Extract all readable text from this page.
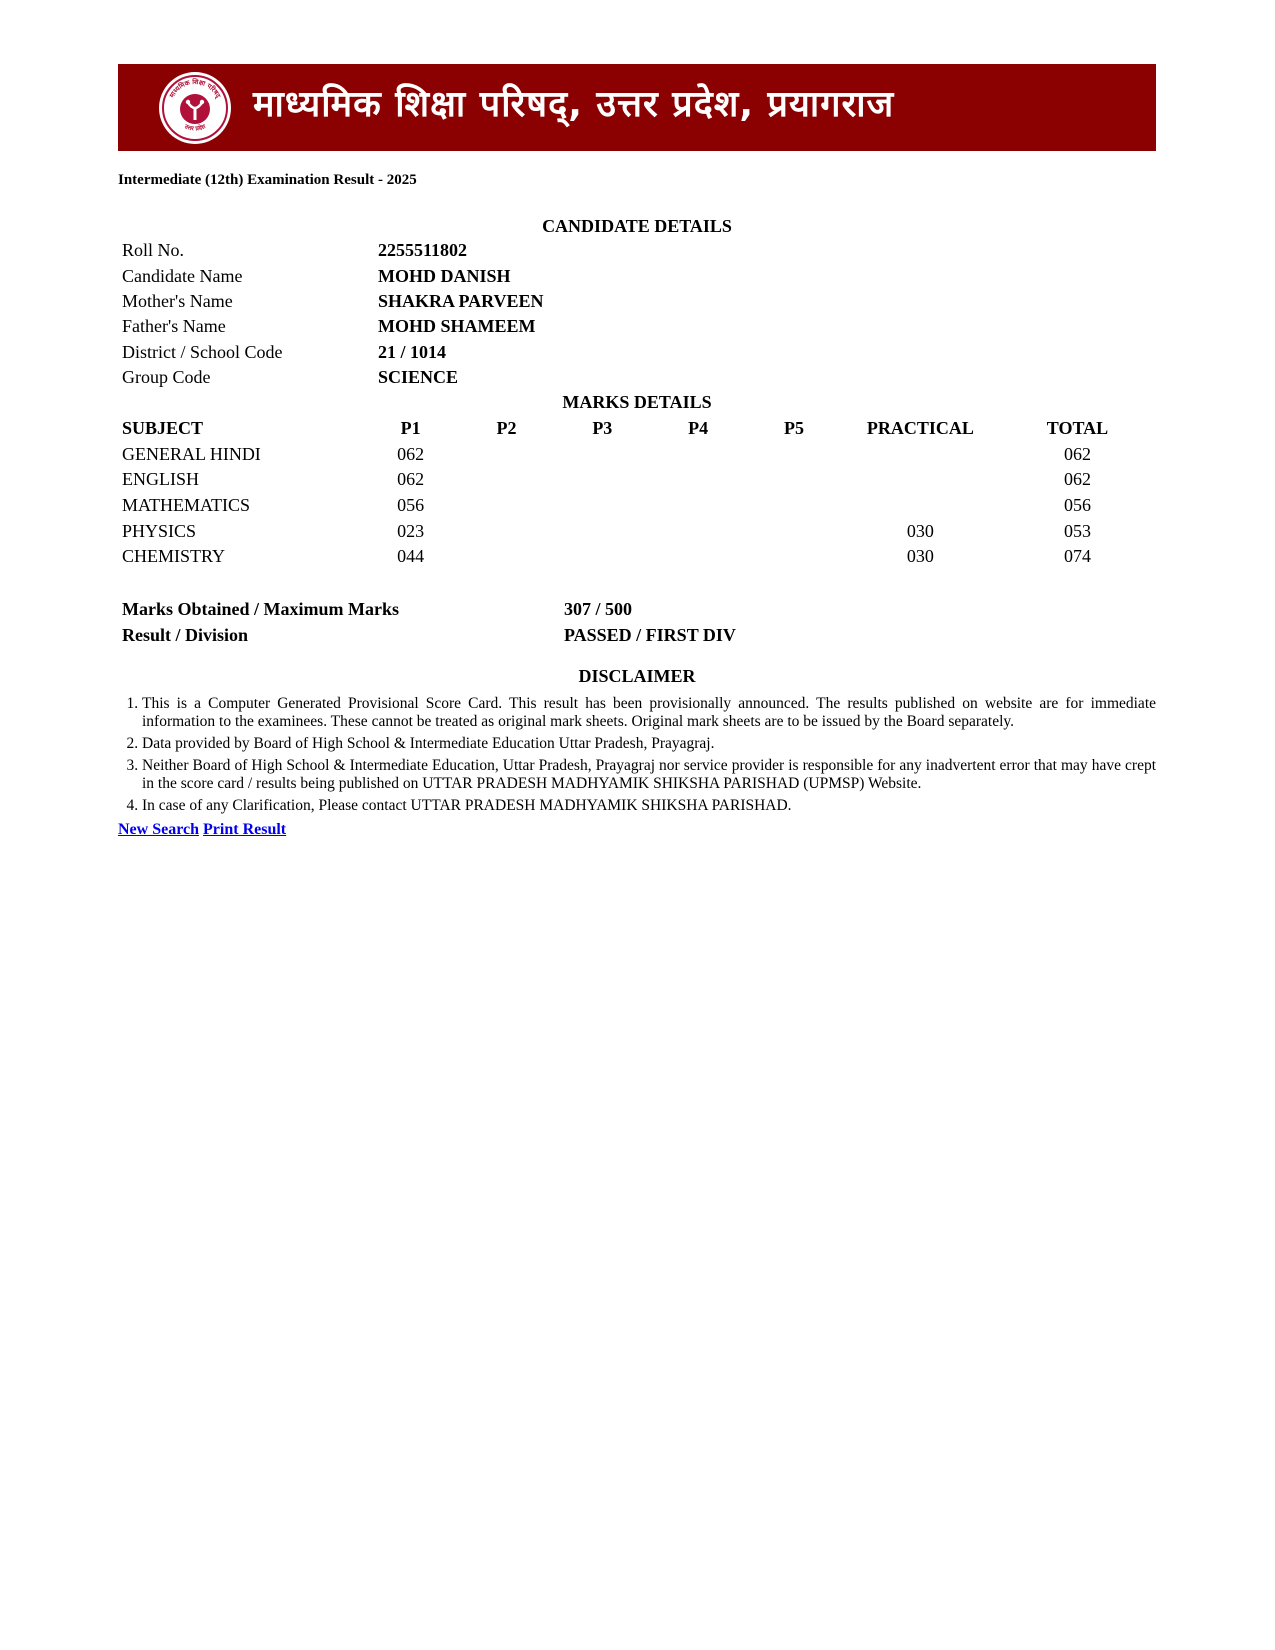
माध्यमिक शिक्षा परिषद्
उत्तर प्रदेश
माध्यमिक शिक्षा परिषद्, उत्तर प्रदेश, प्रयागराज
Intermediate (12th) Examination Result - 2025
CANDIDATE DETAILS
Roll No.	2255511802
Candidate Name	MOHD DANISH
Mother's Name	SHAKRA PARVEEN
Father's Name	MOHD SHAMEEM
District / School Code	21 / 1014
Group Code	SCIENCE
MARKS DETAILS
SUBJECT	P1	P2	P3	P4	P5	PRACTICAL	TOTAL
GENERAL HINDI	062						062
ENGLISH	062						062
MATHEMATICS	056						056
PHYSICS	023					030	053
CHEMISTRY	044					030	074
Marks Obtained / Maximum Marks	307 / 500
Result / Division	PASSED / FIRST DIV
DISCLAIMER
1. This is a Computer Generated Provisional Score Card. This result has been provisionally announced. The results published on website are for immediate information to the examinees. These cannot be treated as original mark sheets. Original mark sheets are to be issued by the Board separately.
2. Data provided by Board of High School & Intermediate Education Uttar Pradesh, Prayagraj.
3. Neither Board of High School & Intermediate Education, Uttar Pradesh, Prayagraj nor service provider is responsible for any inadvertent error that may have crept in the score card / results being published on UTTAR PRADESH MADHYAMIK SHIKSHA PARISHAD (UPMSP) Website.
4. In case of any Clarification, Please contact UTTAR PRADESH MADHYAMIK SHIKSHA PARISHAD.
New Search Print Result
